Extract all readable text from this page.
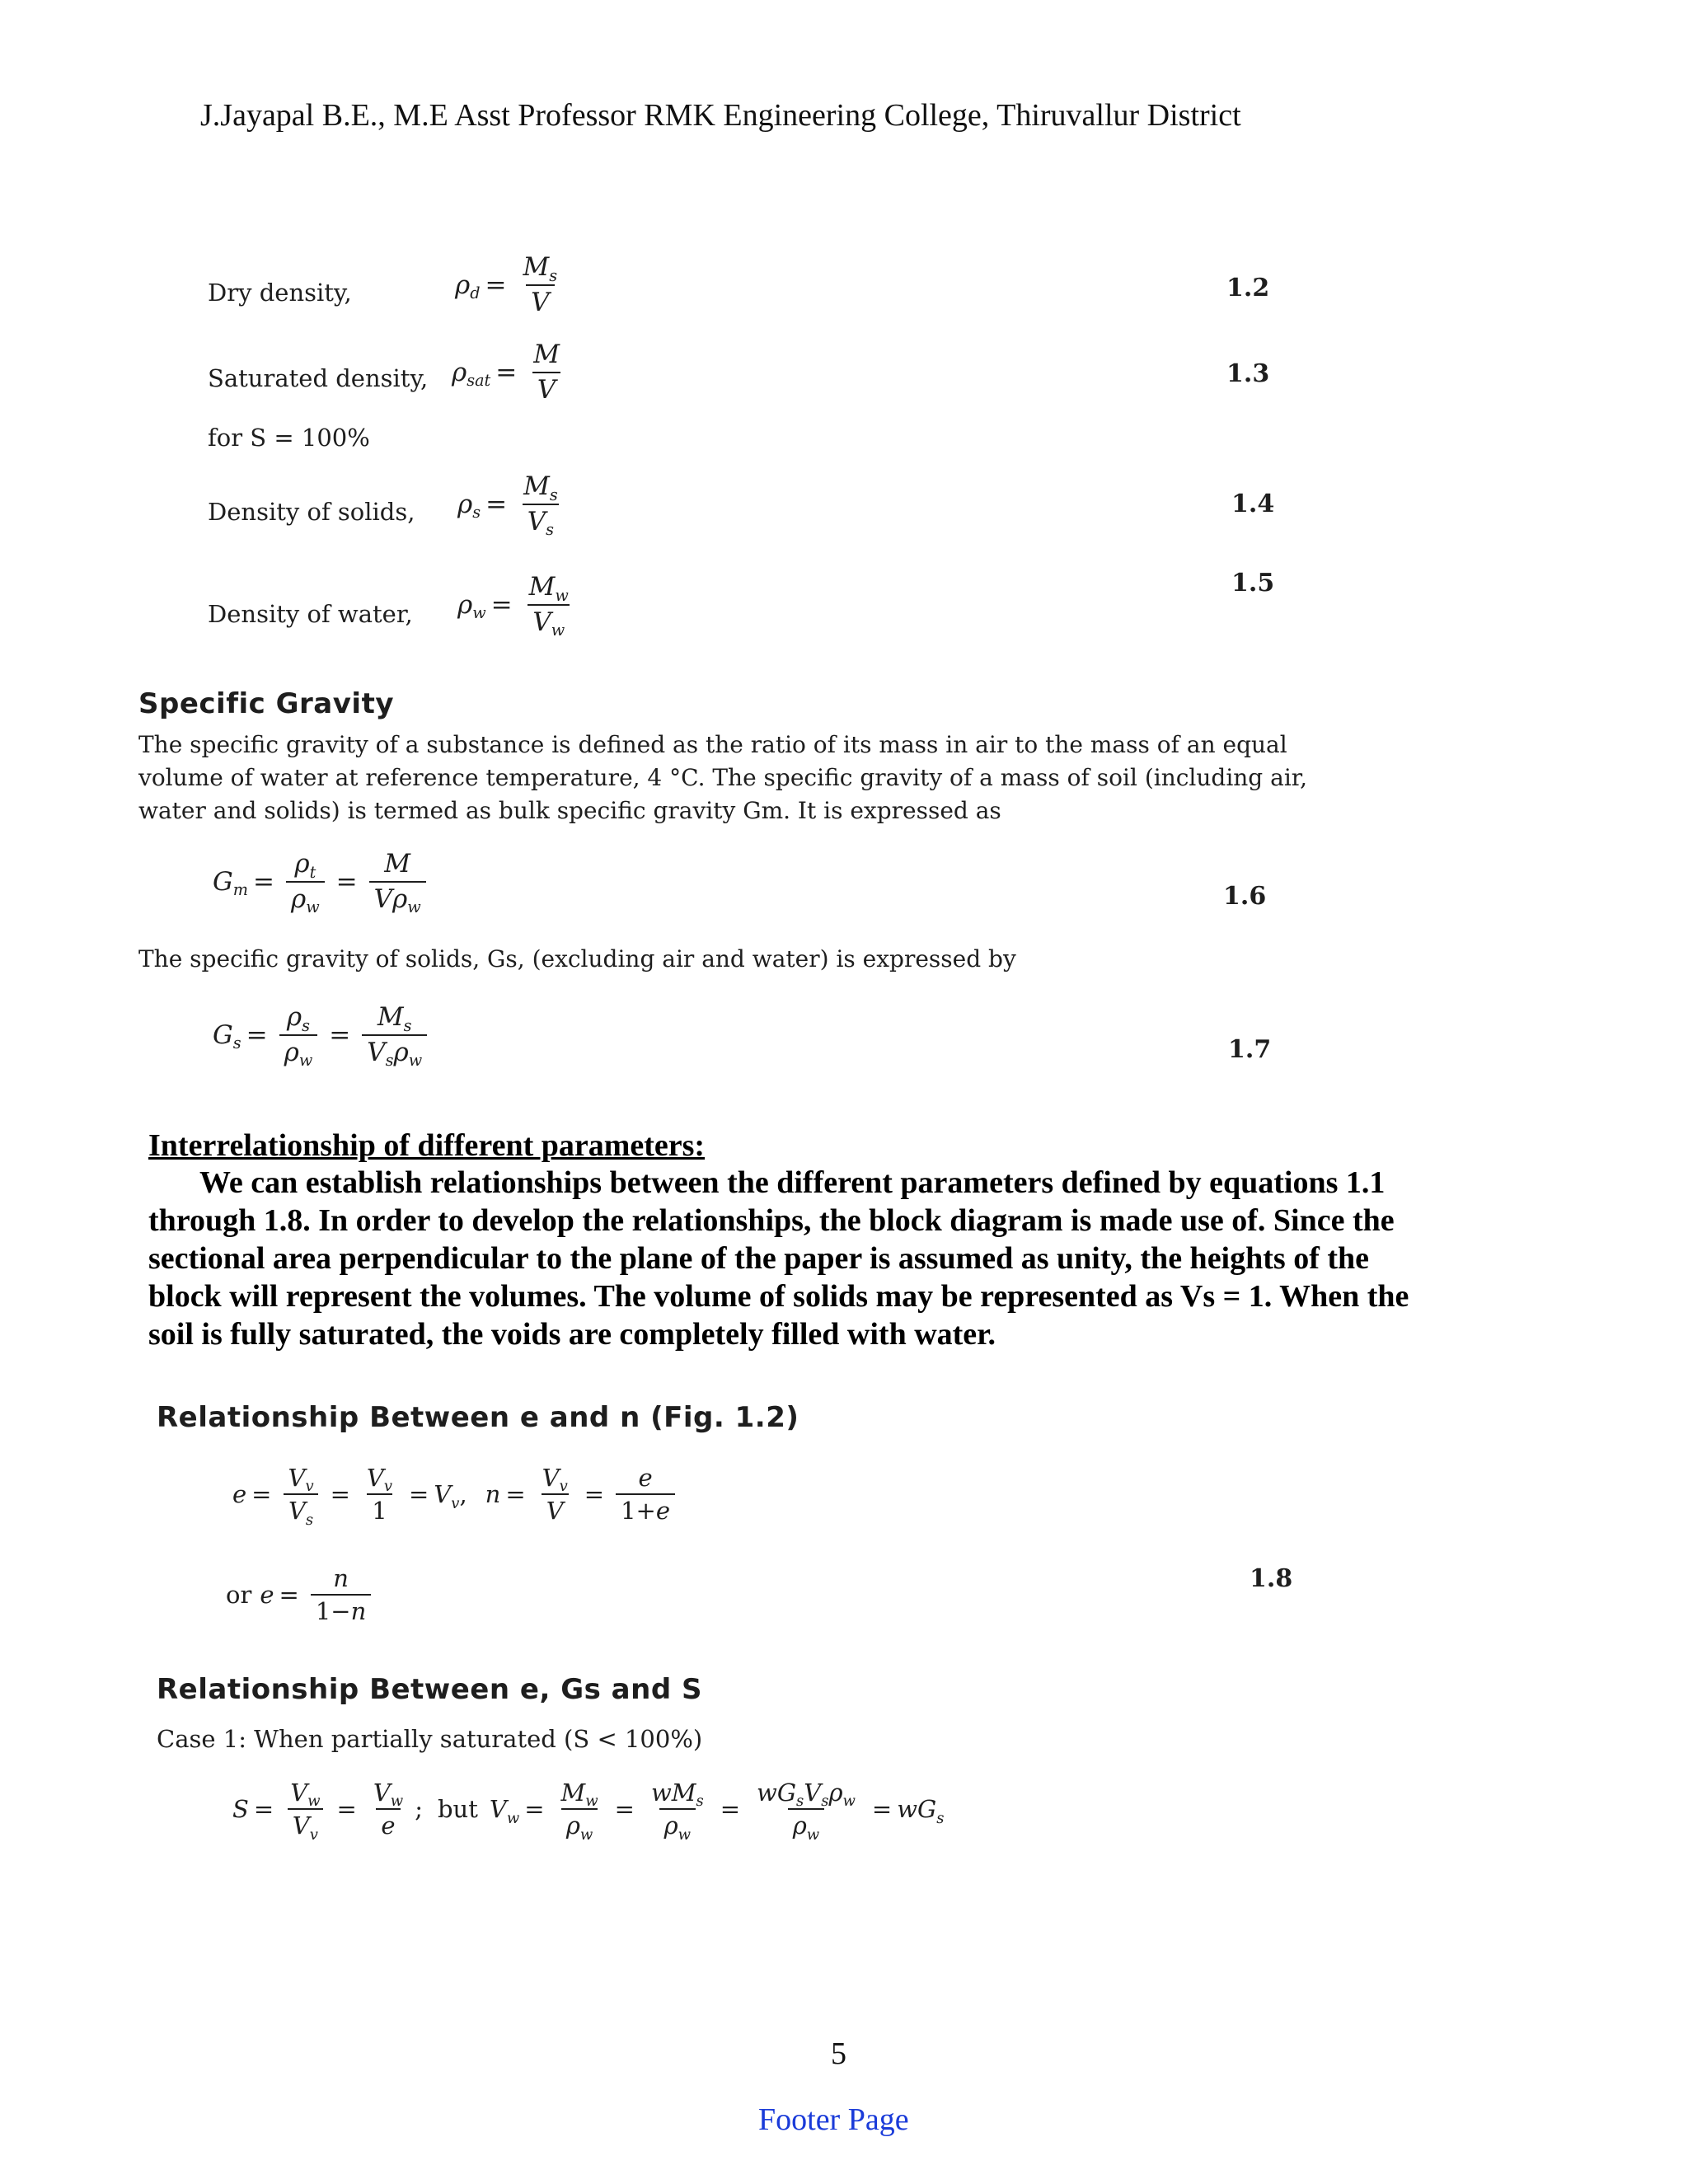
J.Jayapal B.E., M.E Asst Professor RMK Engineering College, Thiruvallur District
Dry density,	$\rho_d = \frac{M_s}{V}$	1.2
Saturated density, $\rho_{sat} = \frac{M}{V}$	1.3
for S = 100%
Density of solids, $\rho_s = \frac{M_s}{V_s}$	1.4
Density of water, $\rho_w = \frac{M_w}{V_w}$	1.5
Specific Gravity
The specific gravity of a substance is defined as the ratio of its mass in air to the mass of an equal
volume of water at reference temperature, 4 °C. The specific gravity of a mass of soil (including air,
water and solids) is termed as bulk specific gravity Gm. It is expressed as
$G_m = \frac{\rho_t}{\rho_w} = \frac{M}{V\rho_w}$	1.6
The specific gravity of solids, Gs, (excluding air and water) is expressed by
$G_s = \frac{\rho_s}{\rho_w} = \frac{M_s}{V_s\rho_w}$	1.7
Interrelationship of different parameters:
We can establish relationships between the different parameters defined by equations 1.1
through 1.8. In order to develop the relationships, the block diagram is made use of. Since the
sectional area perpendicular to the plane of the paper is assumed as unity, the heights of the
block will represent the volumes. The volume of solids may be represented as Vs = 1. When the
soil is fully saturated, the voids are completely filled with water.
Relationship Between e and n (Fig. 1.2)
$e = \frac{V_v}{V_s} = \frac{V_v}{1} = V_v$, $n = \frac{V_v}{V} = \frac{e}{1+e}$
or $e = \frac{n}{1-n}$	1.8
Relationship Between e, Gs and S
Case 1: When partially saturated (S < 100%)
$S = \frac{V_w}{V_v} = \frac{V_w}{e}$ ; but $V_w = \frac{M_w}{\rho_w} = \frac{wM_s}{\rho_w} = \frac{wG_sV_s\rho_w}{\rho_w} = wG_s$
5
Footer Page
